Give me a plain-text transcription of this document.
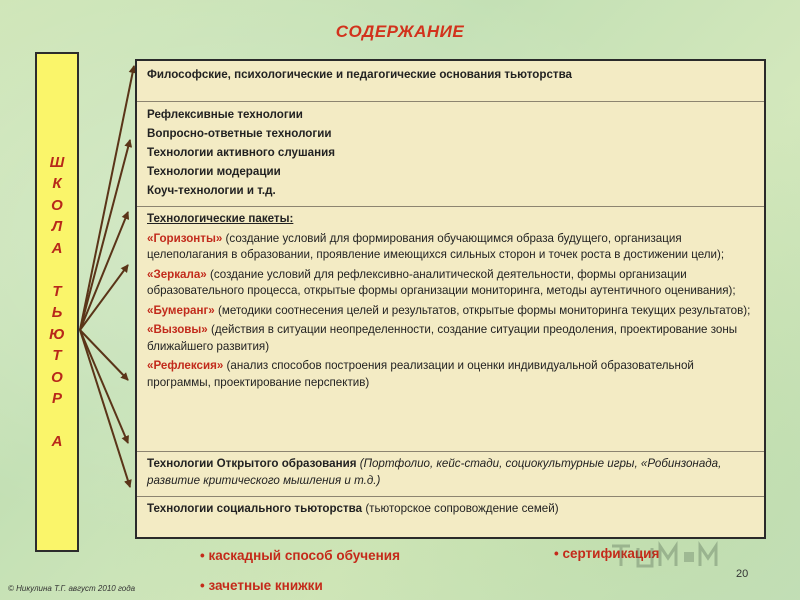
СОДЕРЖАНИЕ
Ш
К
О
Л
А
Т
Ь
Ю
Т
О
Р
А
Философские, психологические и педагогические основания тьюторства
Рефлексивные технологии
Вопросно-ответные технологии
Технологии активного слушания
Технологии модерации
Коуч-технологии и т.д.
Технологические пакеты:
«Горизонты» (создание условий для формирования обучающимся образа будущего, организация целеполагания в образовании, проявление имеющихся сильных сторон и точек роста в достижении цели);
«Зеркала» (создание условий для рефлексивно-аналитической деятельности, формы организации образовательного процесса, открытые формы организации мониторинга, методы аутентичного оценивания);
«Бумеранг» (методики соотнесения целей и результатов, открытые формы мониторинга текущих результатов);
«Вызовы» (действия в ситуации неопределенности, создание ситуации преодоления, проектирование зоны ближайшего развития)
«Рефлексия» (анализ способов построения реализации и оценки индивидуальной образовательной программы, проектирование перспектив)
Технологии Открытого образования (Портфолио, кейс-стади, социокультурные игры, «Робинзонада, развитие критического мышления и т.д.)
Технологии социального тьюторства (тьюторское сопровождение семей)
• каскадный способ обучения
• зачетные книжки
• сертификация
© Никулина Т.Г. август 2010 года
20
